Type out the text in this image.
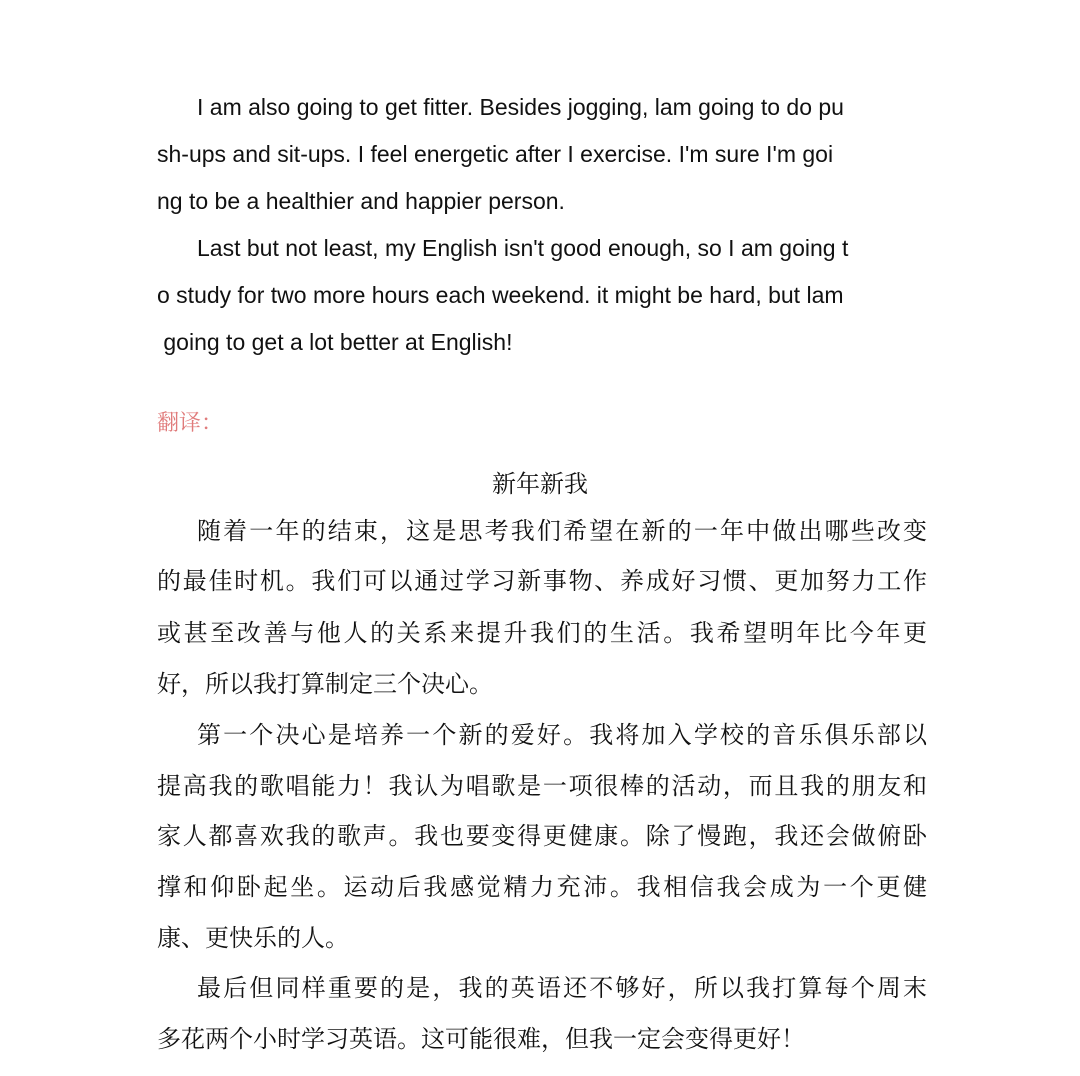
I am also going to get fitter. Besides jogging, lam going to do pu
sh-ups and sit-ups. I feel energetic after I exercise. I'm sure I'm goi
ng to be a healthier and happier person.
Last but not least, my English isn't good enough, so I am going t
o study for two more hours each weekend. it might be hard, but lam
going to get a lot better at English!
翻译：
新年新我
随着一年的结束，这是思考我们希望在新的一年中做出哪些改变
的最佳时机。我们可以通过学习新事物、养成好习惯、更加努力工作
或甚至改善与他人的关系来提升我们的生活。我希望明年比今年更
好，所以我打算制定三个决心。
第一个决心是培养一个新的爱好。我将加入学校的音乐俱乐部以
提高我的歌唱能力！我认为唱歌是一项很棒的活动，而且我的朋友和
家人都喜欢我的歌声。我也要变得更健康。除了慢跑，我还会做俯卧
撑和仰卧起坐。运动后我感觉精力充沛。我相信我会成为一个更健
康、更快乐的人。
最后但同样重要的是，我的英语还不够好，所以我打算每个周末
多花两个小时学习英语。这可能很难，但我一定会变得更好！
